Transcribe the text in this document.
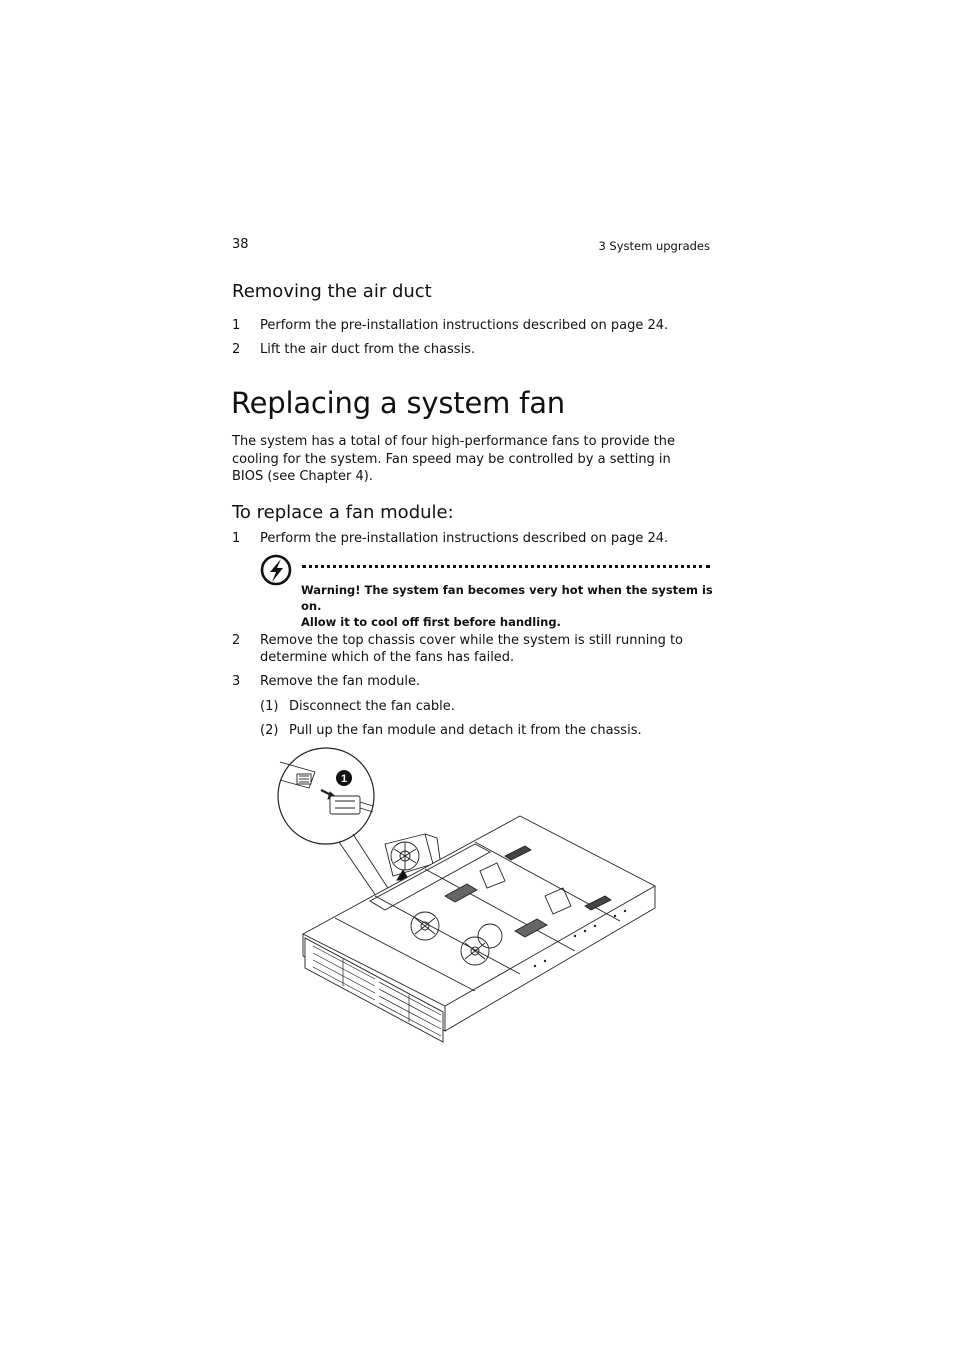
38	3 System upgrades
Removing the air duct
1 Perform the pre-installation instructions described on page 24.
2 Lift the air duct from the chassis.
Replacing a system fan
The system has a total of four high-performance fans to provide the cooling for the system. Fan speed may be controlled by a setting in BIOS (see Chapter 4).
To replace a fan module:
1 Perform the pre-installation instructions described on page 24.
Warning! The system fan becomes very hot when the system is on.
Allow it to cool off first before handling.
2 Remove the top chassis cover while the system is still running to determine which of the fans has failed.
3 Remove the fan module.
(1) Disconnect the fan cable.
(2) Pull up the fan module and detach it from the chassis.
1
